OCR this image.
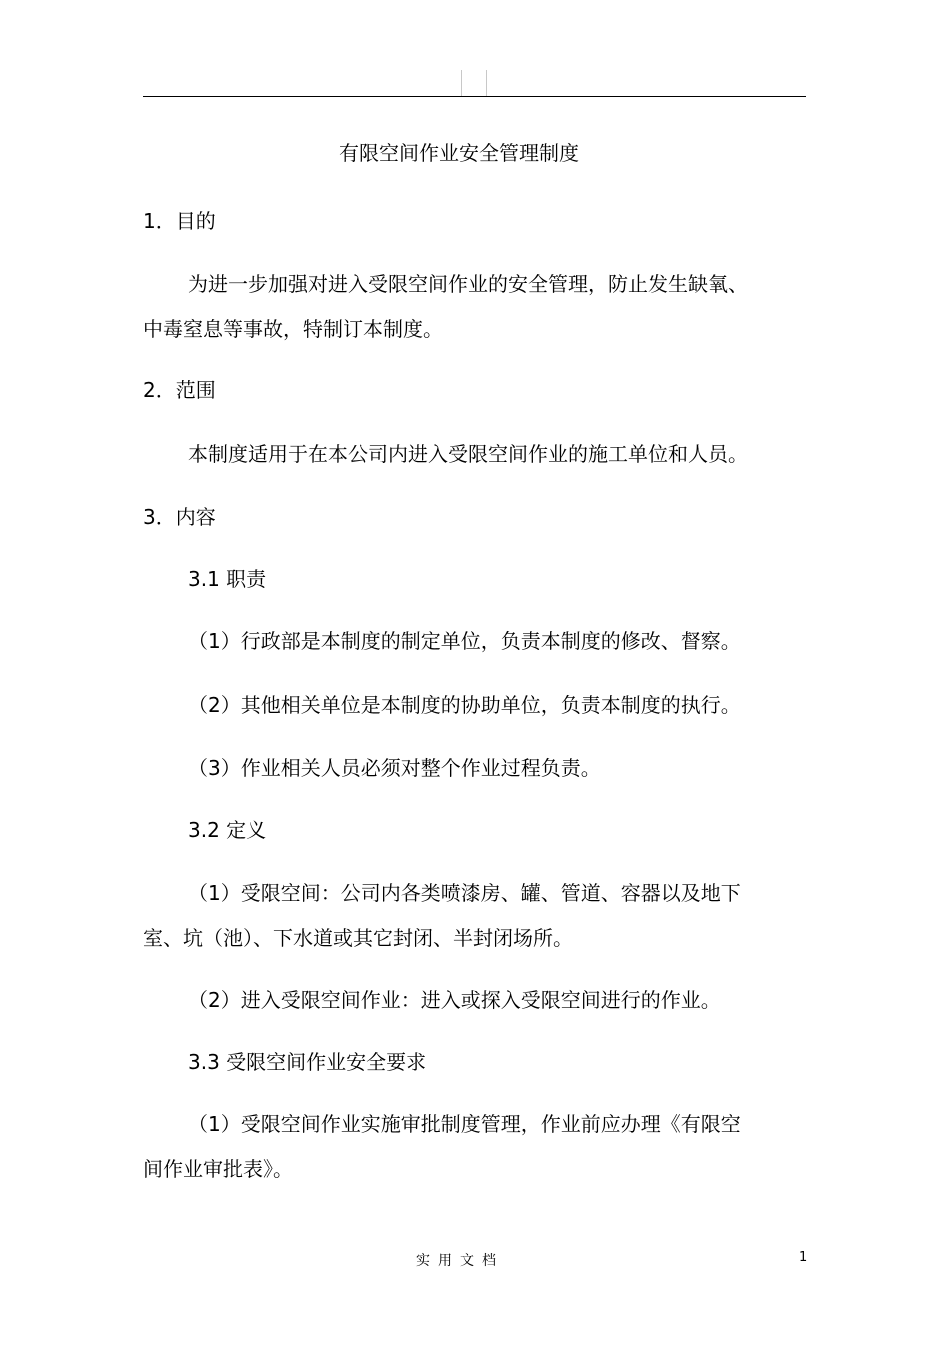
有限空间作业安全管理制度
1．目的
为进一步加强对进入受限空间作业的安全管理，防止发生缺氧、
中毒窒息等事故，特制订本制度。
2．范围
本制度适用于在本公司内进入受限空间作业的施工单位和人员。
3．内容
3.1 职责
（1）行政部是本制度的制定单位，负责本制度的修改、督察。
（2）其他相关单位是本制度的协助单位，负责本制度的执行。
（3）作业相关人员必须对整个作业过程负责。
3.2 定义
（1）受限空间：公司内各类喷漆房、罐、管道、容器以及地下
室、坑（池）、下水道或其它封闭、半封闭场所。
（2）进入受限空间作业：进入或探入受限空间进行的作业。
3.3 受限空间作业安全要求
（1）受限空间作业实施审批制度管理，作业前应办理《有限空
间作业审批表》。
实用文档	1
